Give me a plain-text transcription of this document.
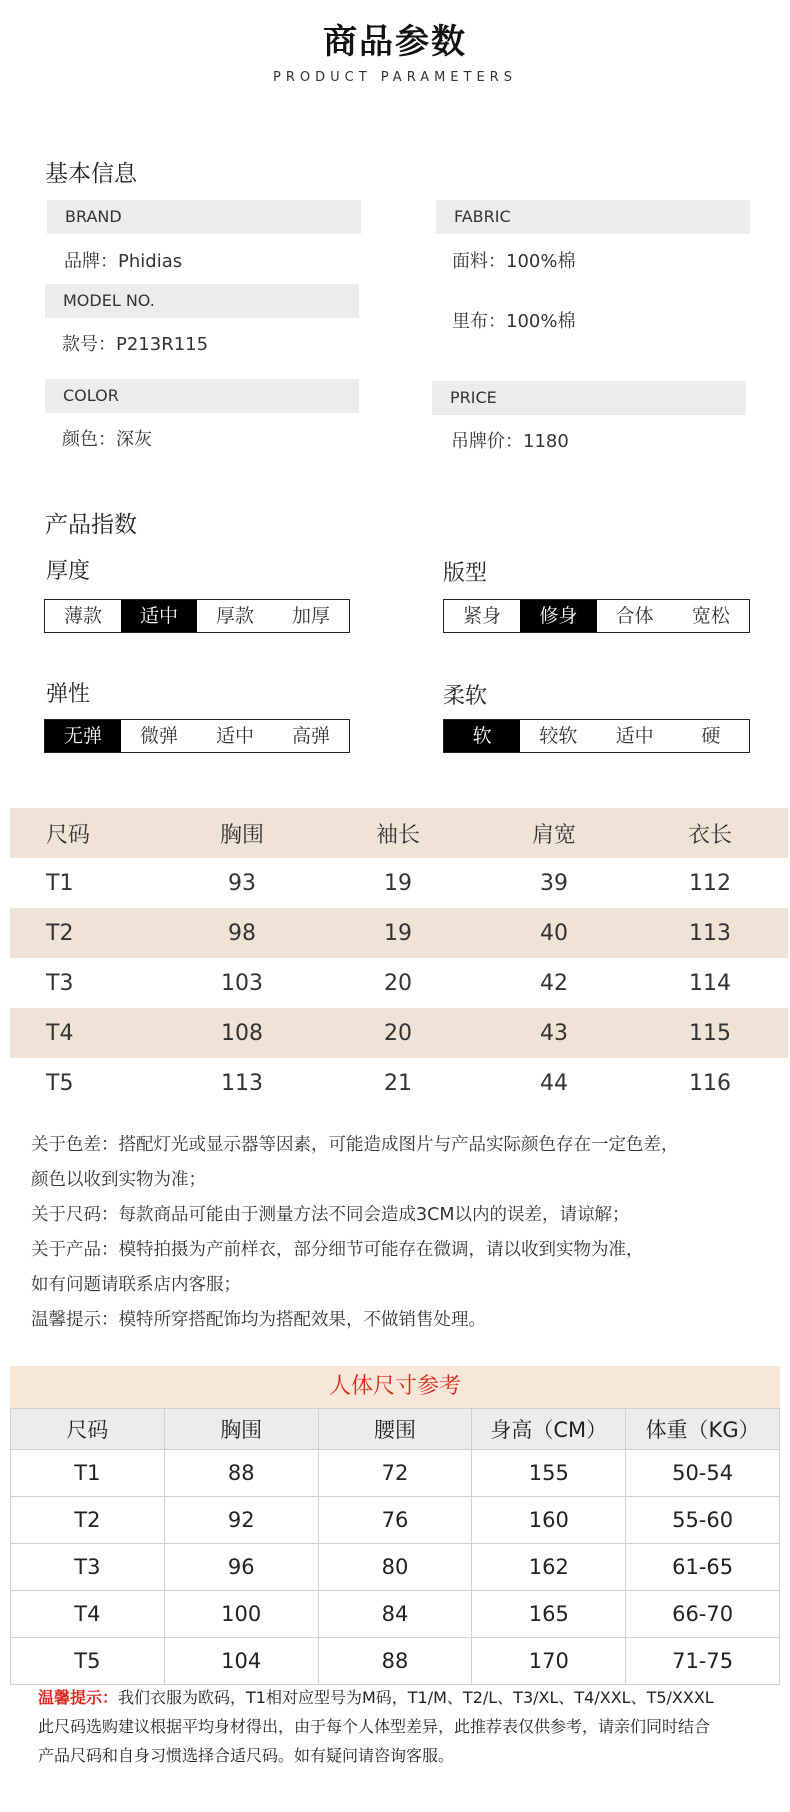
商品参数
PRODUCT PARAMETERS
基本信息
BRAND
品牌：Phidias
FABRIC
面料：100%棉
MODEL NO.
款号：P213R115
里布：100%棉
COLOR
颜色：深灰
PRICE
吊牌价：1180
产品指数
厚度
薄款	适中	厚款	加厚
版型
紧身	修身	合体	宽松
弹性
无弹	微弹	适中	高弹
柔软
软	较软	适中	硬
尺码	胸围	袖长	肩宽	衣长
T1	93	19	39	112
T2	98	19	40	113
T3	103	20	42	114
T4	108	20	43	115
T5	113	21	44	116

关于色差：搭配灯光或显示器等因素，可能造成图片与产品实际颜色存在一定色差，

颜色以收到实物为准；

关于尺码：每款商品可能由于测量方法不同会造成3CM以内的误差，请谅解；

关于产品：模特拍摄为产前样衣，部分细节可能存在微调，请以收到实物为准，

如有问题请联系店内客服；

温馨提示：模特所穿搭配饰均为搭配效果，不做销售处理。

人体尺寸参考
尺码	胸围	腰围	身高（CM）	体重（KG）
T1	88	72	155	50-54
T2	92	76	160	55-60
T3	96	80	162	61-65
T4	100	84	165	66-70
T5	104	88	170	71-75

温馨提示：我们衣服为欧码，T1相对应型号为M码，T1/M、T2/L、T3/XL、T4/XXL、T5/XXXL

此尺码选购建议根据平均身材得出，由于每个人体型差异，此推荐表仅供参考，请亲们同时结合

产品尺码和自身习惯选择合适尺码。如有疑问请咨询客服。
